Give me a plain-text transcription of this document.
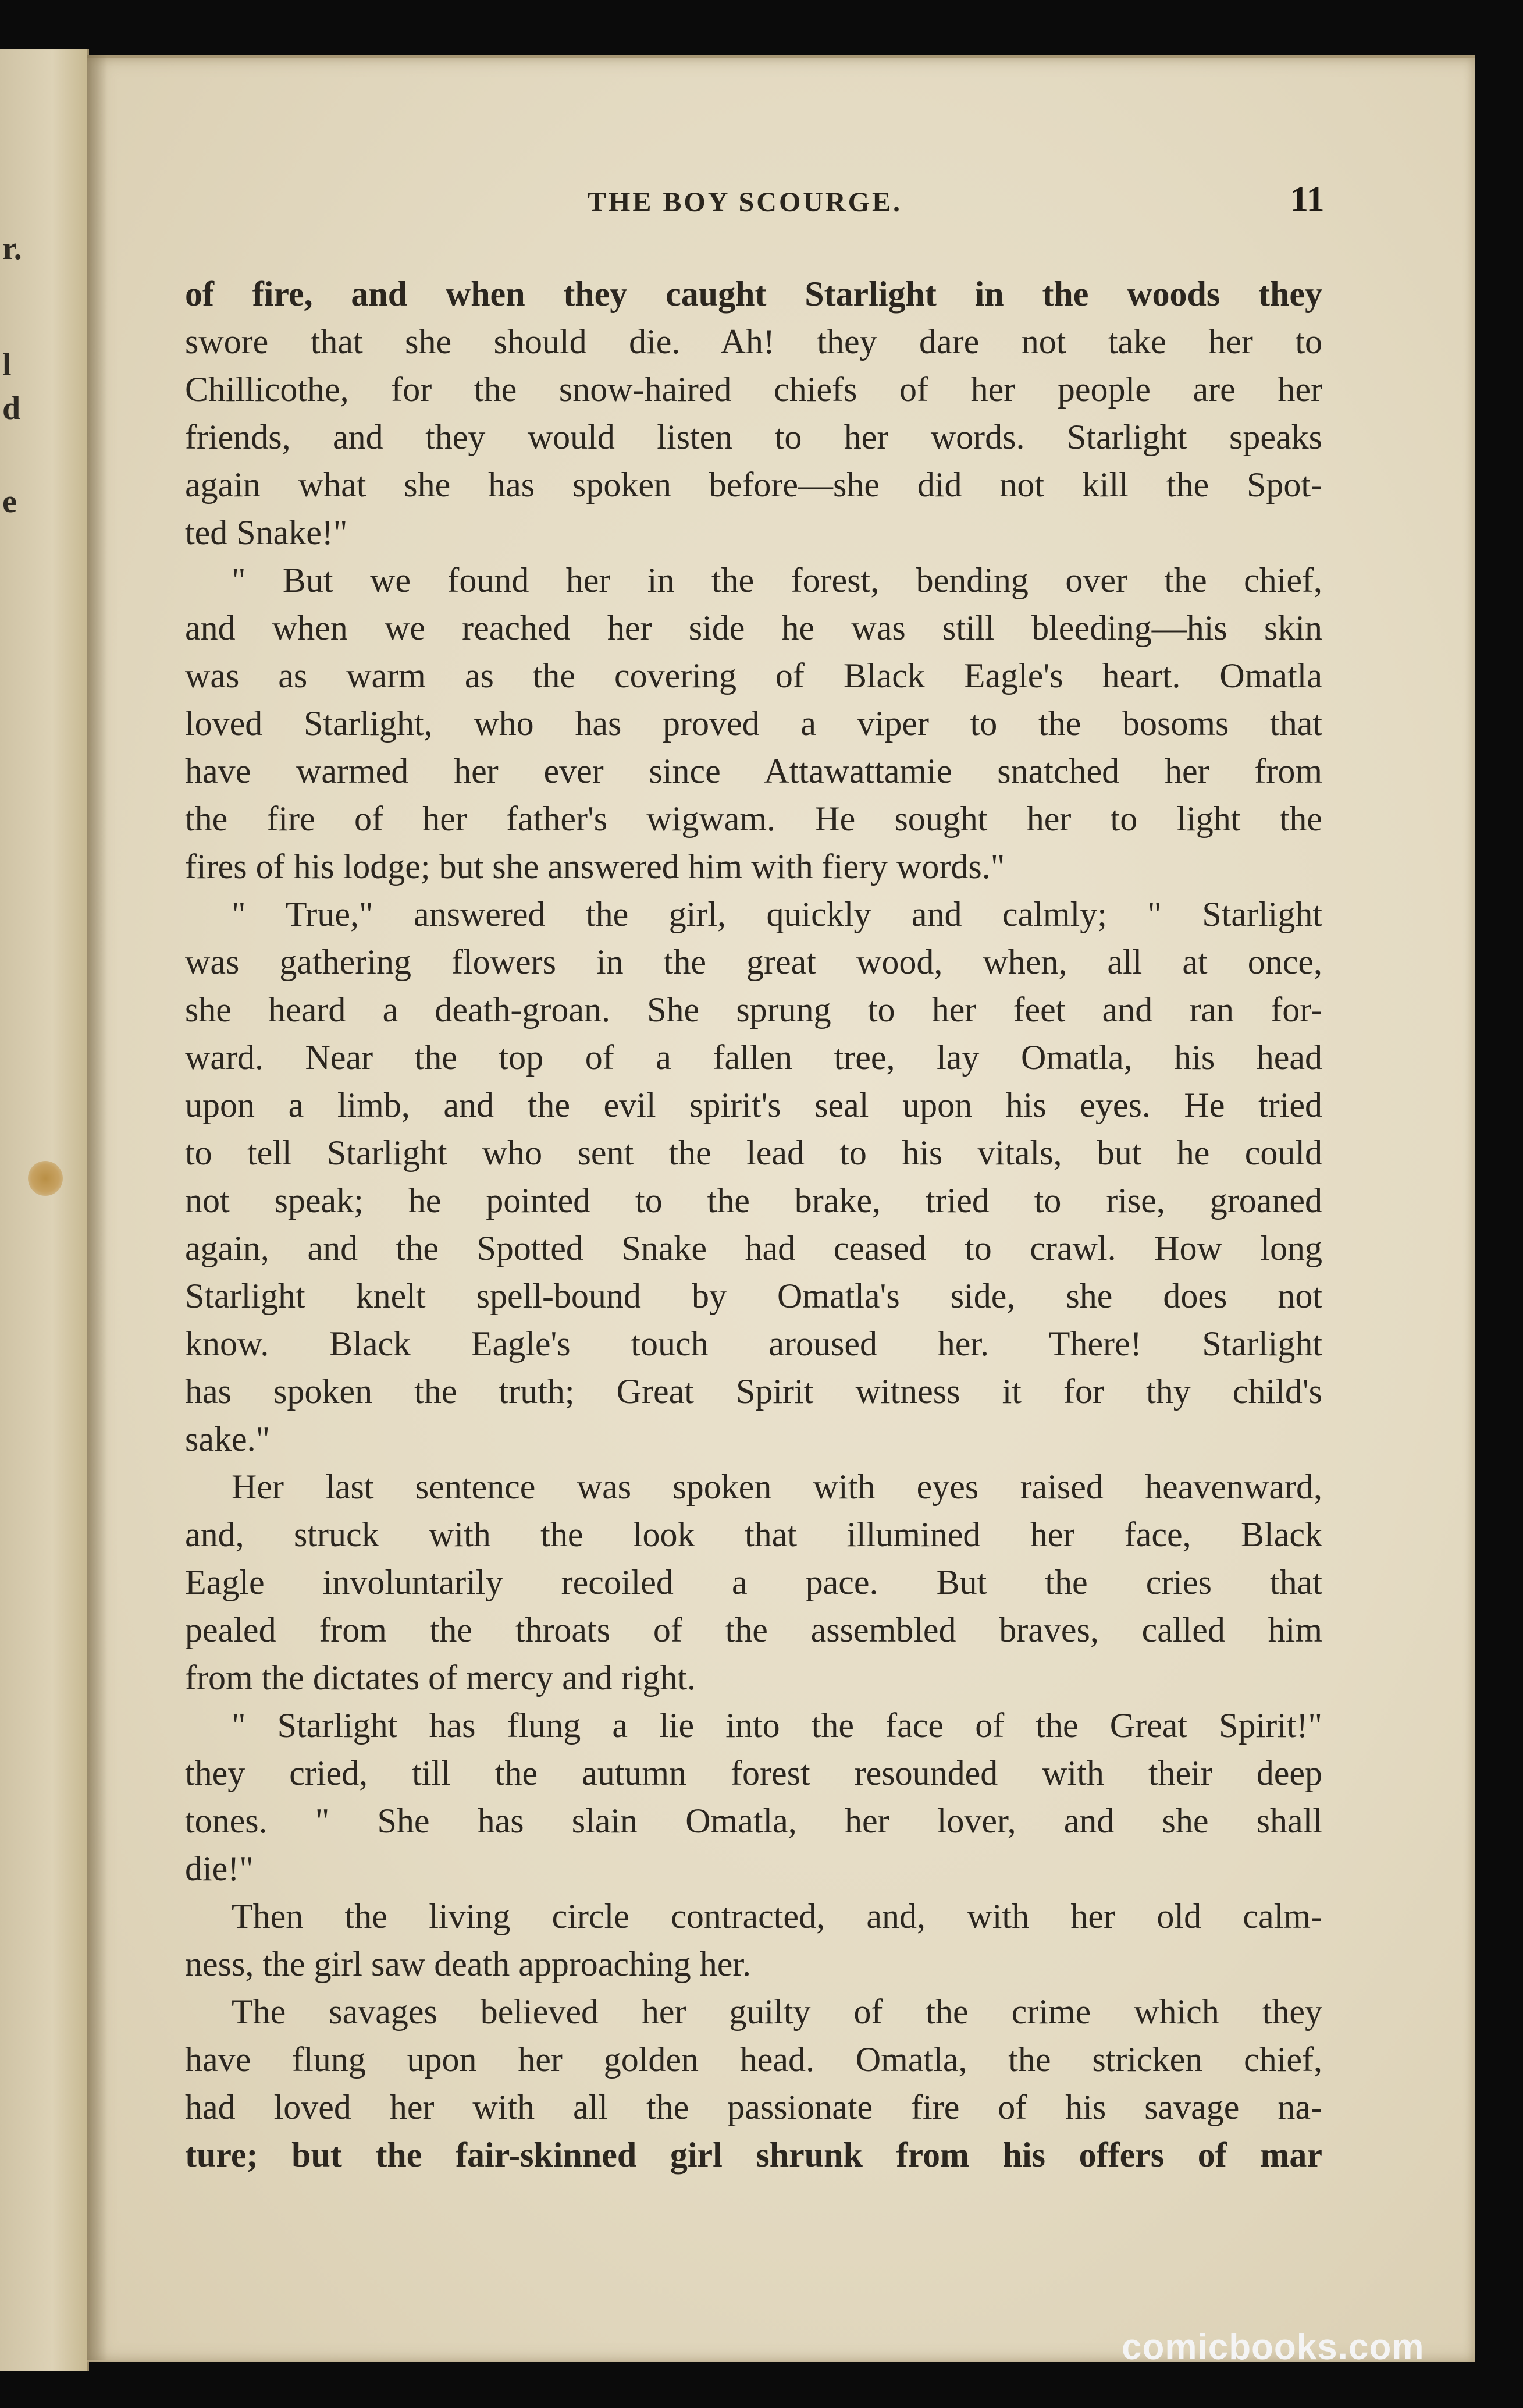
r.
l
d
e
THE BOY SCOURGE.	11
of fire, and when they caught Starlight in the woods they
swore that she should die. Ah! they dare not take her to
Chillicothe, for the snow-haired chiefs of her people are her
friends, and they would listen to her words. Starlight speaks
again what she has spoken before—she did not kill the Spot-
ted Snake!"
" But we found her in the forest, bending over the chief,
and when we reached her side he was still bleeding—his skin
was as warm as the covering of Black Eagle's heart. Omatla
loved Starlight, who has proved a viper to the bosoms that
have warmed her ever since Attawattamie snatched her from
the fire of her father's wigwam. He sought her to light the
fires of his lodge; but she answered him with fiery words."
" True," answered the girl, quickly and calmly; " Starlight
was gathering flowers in the great wood, when, all at once,
she heard a death-groan. She sprung to her feet and ran for-
ward. Near the top of a fallen tree, lay Omatla, his head
upon a limb, and the evil spirit's seal upon his eyes. He tried
to tell Starlight who sent the lead to his vitals, but he could
not speak; he pointed to the brake, tried to rise, groaned
again, and the Spotted Snake had ceased to crawl. How long
Starlight knelt spell-bound by Omatla's side, she does not
know. Black Eagle's touch aroused her. There! Starlight
has spoken the truth; Great Spirit witness it for thy child's
sake."
Her last sentence was spoken with eyes raised heavenward,
and, struck with the look that illumined her face, Black
Eagle involuntarily recoiled a pace. But the cries that
pealed from the throats of the assembled braves, called him
from the dictates of mercy and right.
" Starlight has flung a lie into the face of the Great Spirit!"
they cried, till the autumn forest resounded with their deep
tones. " She has slain Omatla, her lover, and she shall
die!"
Then the living circle contracted, and, with her old calm-
ness, the girl saw death approaching her.
The savages believed her guilty of the crime which they
have flung upon her golden head. Omatla, the stricken chief,
had loved her with all the passionate fire of his savage na-
ture; but the fair-skinned girl shrunk from his offers of mar
comicbooks.com
